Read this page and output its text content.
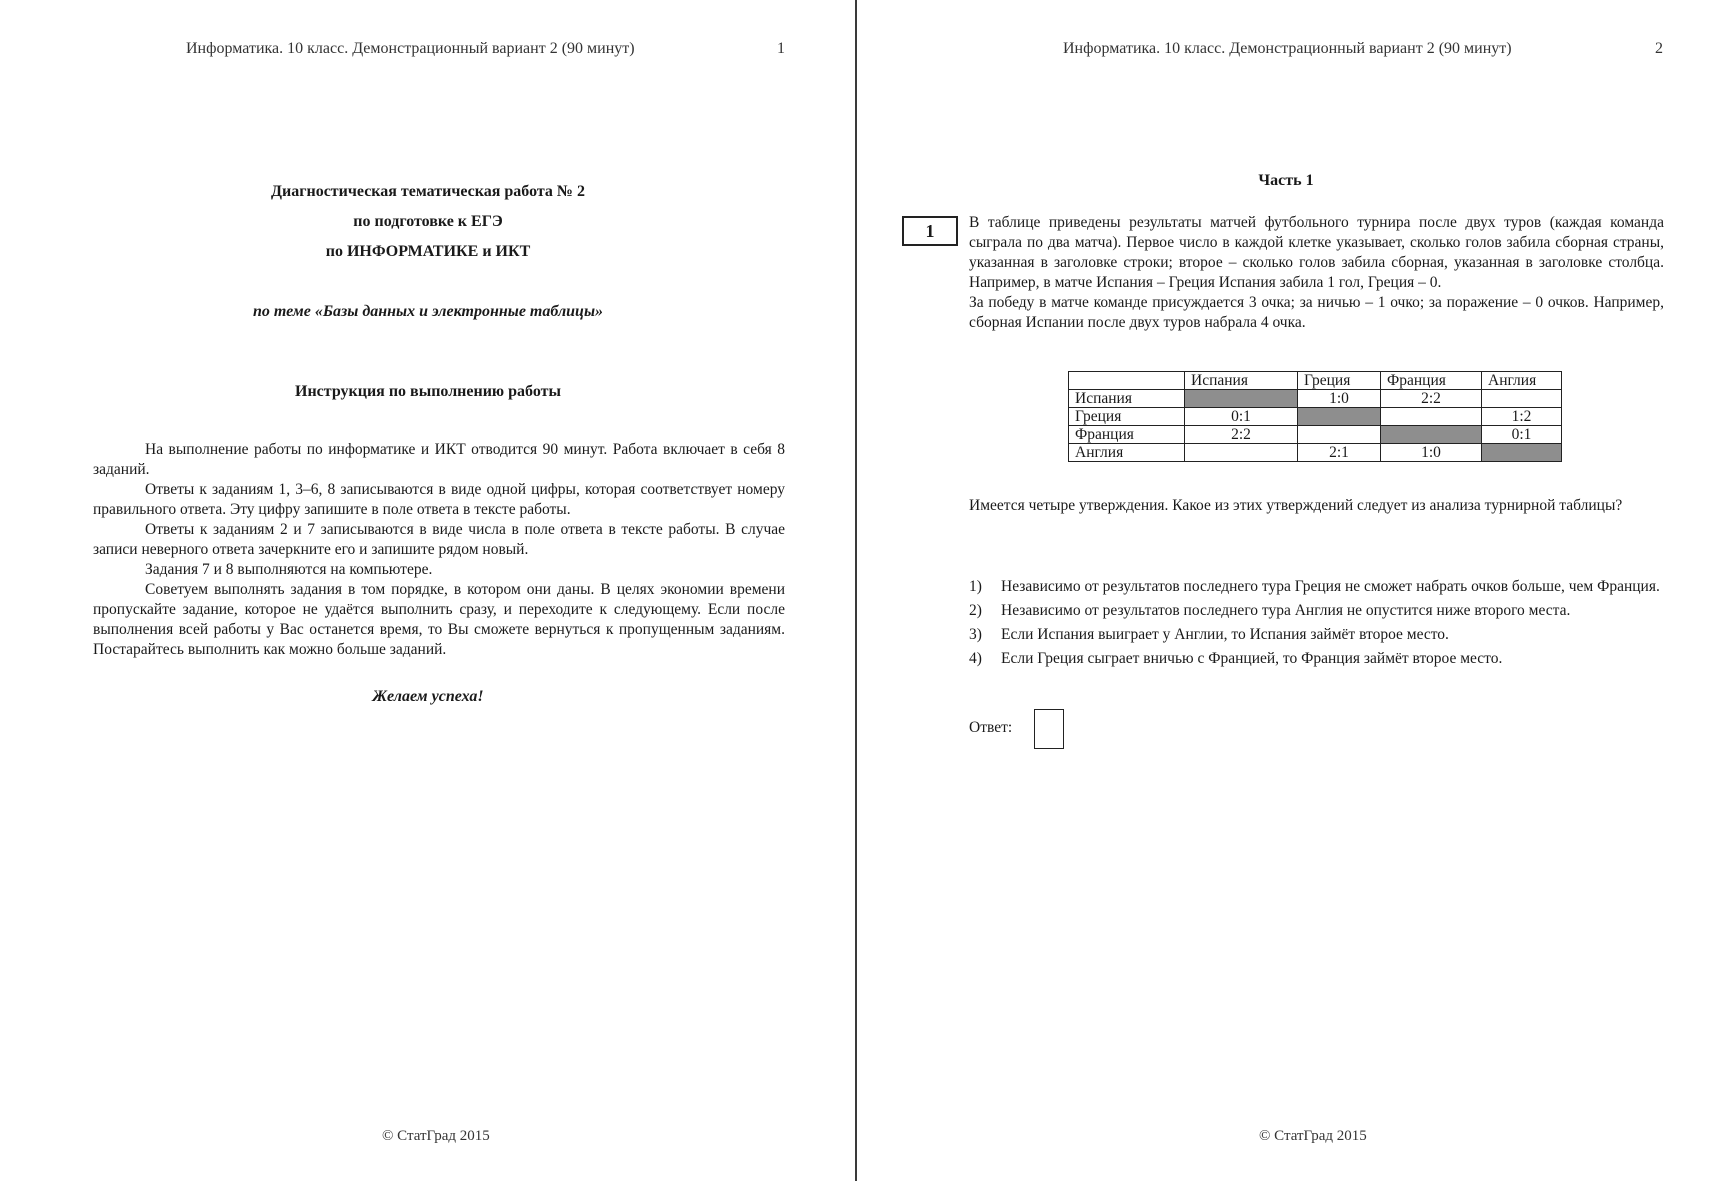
Информатика. 10 класс. Демонстрационный вариант 2 (90 минут)	1
Диагностическая тематическая работа № 2
по подготовке к ЕГЭ
по ИНФОРМАТИКЕ и ИКТ
по теме «Базы данных и электронные таблицы»
Инструкция по выполнению работы

На выполнение работы по информатике и ИКТ отводится 90 минут. Работа включает в себя 8 заданий.

Ответы к заданиям 1, 3–6, 8 записываются в виде одной цифры, которая соответствует номеру правильного ответа. Эту цифру запишите в поле ответа в тексте работы.

Ответы к заданиям 2 и 7 записываются в виде числа в поле ответа в тексте работы. В случае записи неверного ответа зачеркните его и запишите рядом новый.

Задания 7 и 8 выполняются на компьютере.

Советуем выполнять задания в том порядке, в котором они даны. В целях экономии времени пропускайте задание, которое не удаётся выполнить сразу, и переходите к следующему. Если после выполнения всей работы у Вас останется время, то Вы сможете вернуться к пропущенным заданиям. Постарайтесь выполнить как можно больше заданий.

Желаем успеха!
© СтатГрад 2015
Информатика. 10 класс. Демонстрационный вариант 2 (90 минут)	2
Часть 1
1	В таблице приведены результаты матчей футбольного турнира после двух туров (каждая команда сыграла по два матча). Первое число в каждой клетке указывает, сколько голов забила сборная страны, указанная в заголовке строки; второе – сколько голов забила сборная, указанная в заголовке столбца. Например, в матче Испания – Греция Испания забила 1 гол, Греция – 0.
За победу в матче команде присуждается 3 очка; за ничью – 1 очко; за поражение – 0 очков. Например, сборная Испании после двух туров набрала 4 очка.
	Испания	Греция	Франция	Англия
Испания		1:0	2:2	
Греция	0:1			1:2
Франция	2:2			0:1
Англия		2:1	1:0	
Имеется четыре утверждения. Какое из этих утверждений следует из анализа турнирной таблицы?
1)	Независимо от результатов последнего тура Греция не сможет набрать очков больше, чем Франция.
2)	Независимо от результатов последнего тура Англия не опустится ниже второго места.
3)	Если Испания выиграет у Англии, то Испания займёт второе место.
4)	Если Греция сыграет вничью с Францией, то Франция займёт второе место.
Ответ:
© СтатГрад 2015
